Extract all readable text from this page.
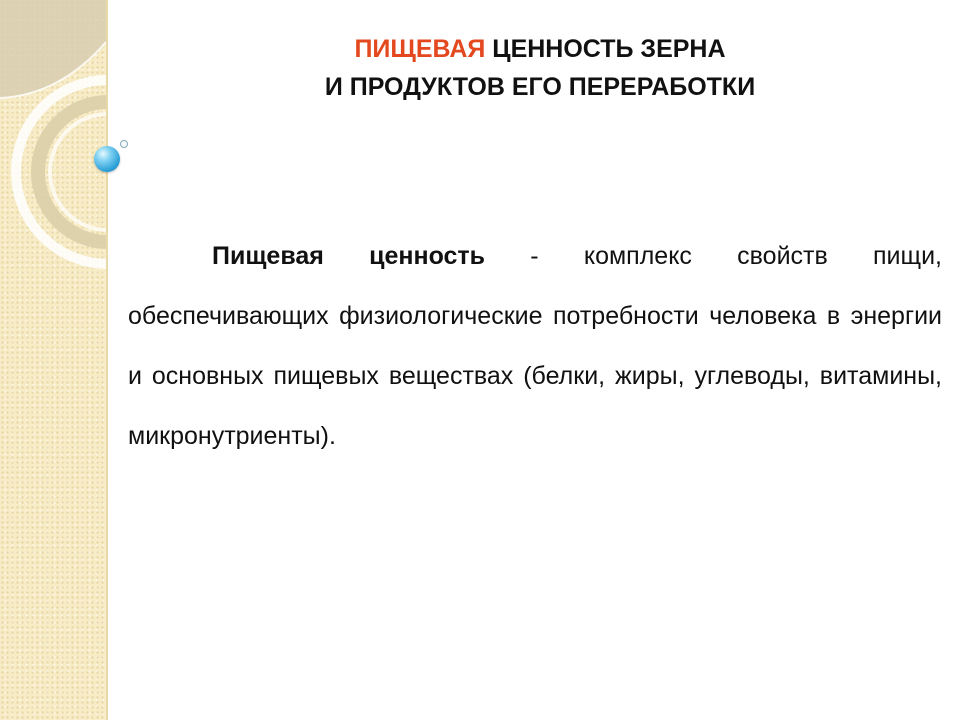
ПИЩЕВАЯ ЦЕННОСТЬ ЗЕРНА
И ПРОДУКТОВ ЕГО ПЕРЕРАБОТКИ

Пищевая ценность - комплекс свойств пищи, обеспечивающих физиологические потребности человека в энергии и основных пищевых веществах (белки, жиры, углеводы, витамины, микронутриенты).
